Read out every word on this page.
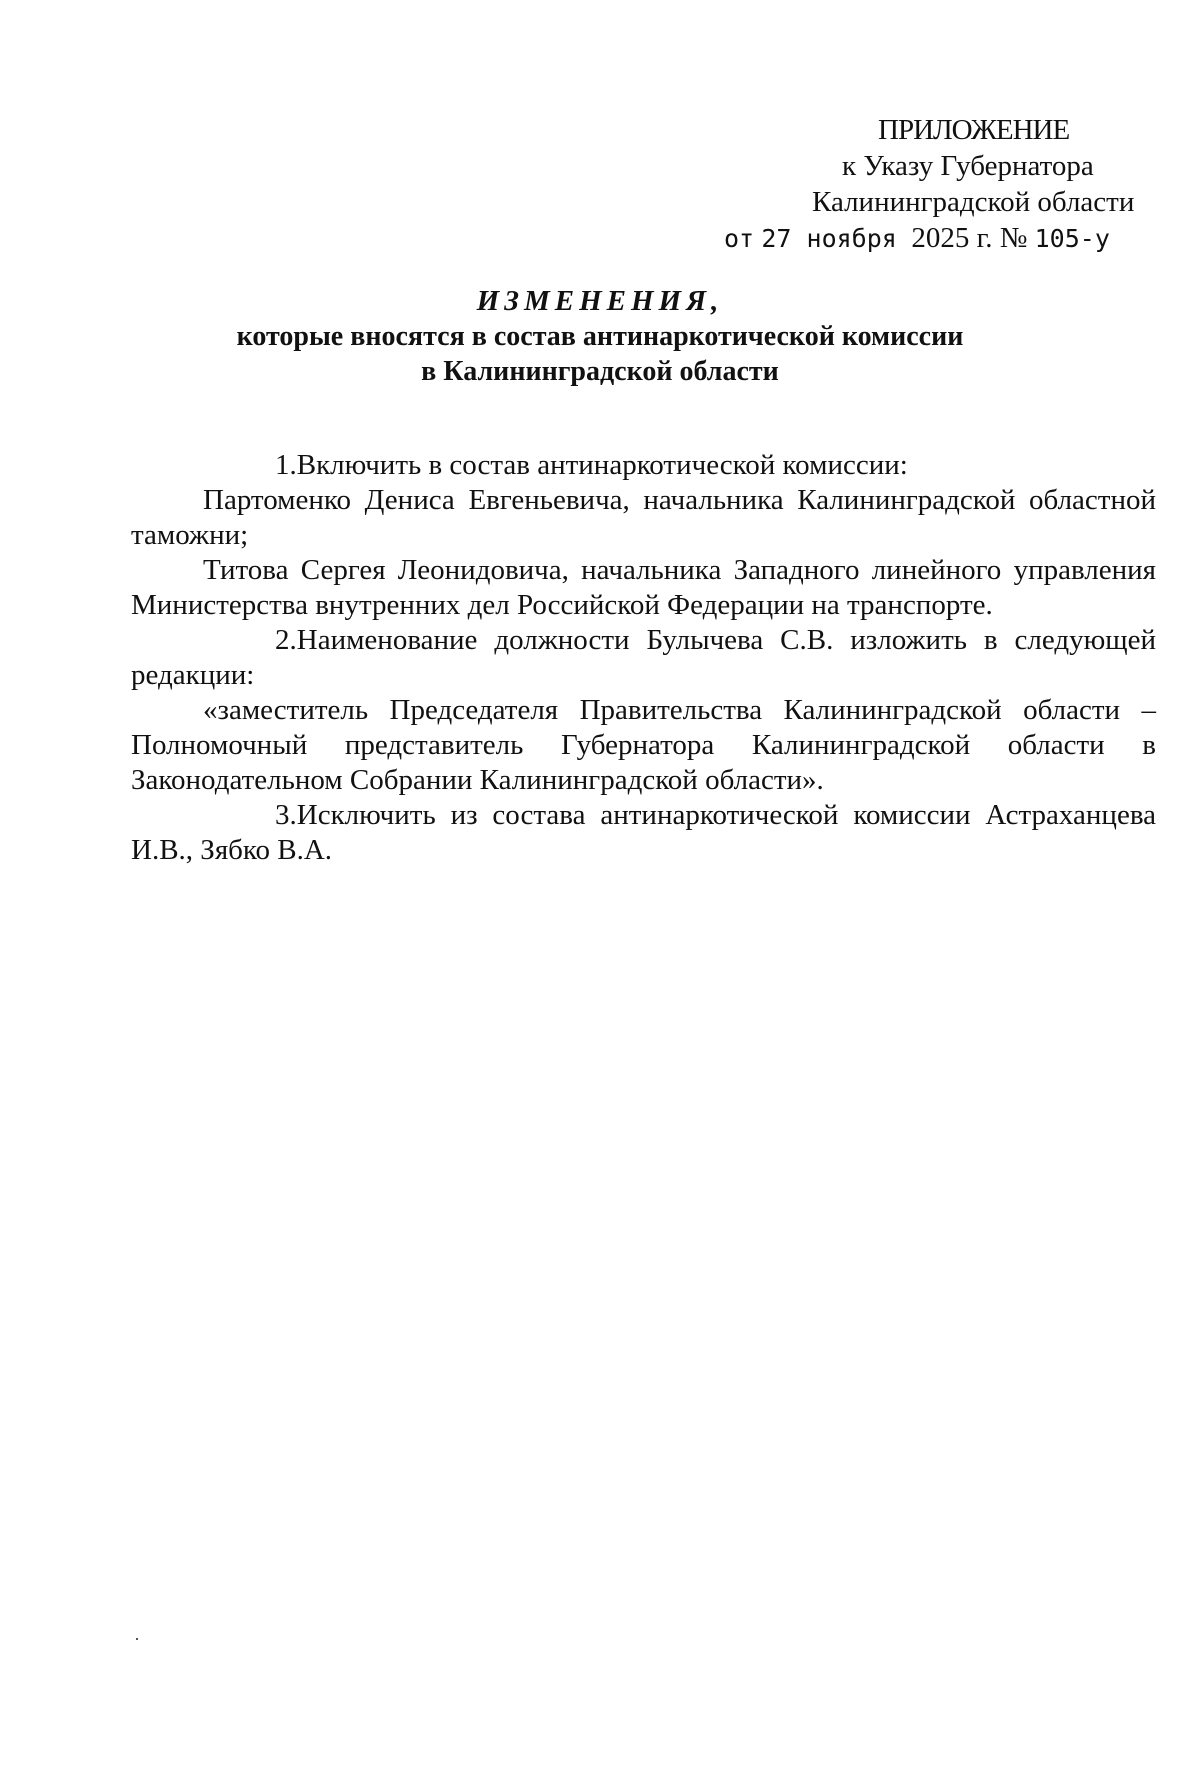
ПРИЛОЖЕНИЕ
к Указу Губернатора
Калининградской области
от 27 ноября 2025 г. № 105-у
ИЗМЕНЕНИЯ,
которые вносятся в состав антинаркотической комиссии
в Калининградской области

1.Включить в состав антинаркотической комиссии:

Партоменко Дениса Евгеньевича, начальника Калининградской областной таможни;

Титова Сергея Леонидовича, начальника Западного линейного управления Министерства внутренних дел Российской Федерации на транспорте.

2.Наименование должности Булычева С.В. изложить в следующей редакции:

«заместитель Председателя Правительства Калининградской области – Полномочный представитель Губернатора Калининградской области в Законодательном Собрании Калининградской области».

3.Исключить из состава антинаркотической комиссии Астраханцева И.В., Зябко В.А.
